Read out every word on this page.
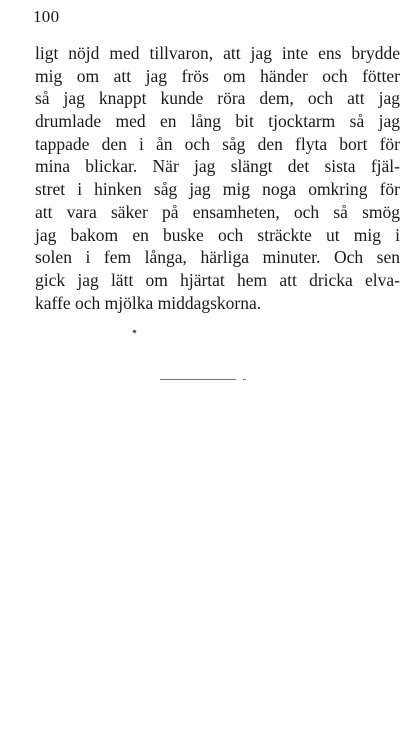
100
ligt nöjd med tillvaron, att jag inte ens brydde
mig om att jag frös om händer och fötter
så jag knappt kunde röra dem, och att jag
drumlade med en lång bit tjocktarm så jag
tappade den i ån och såg den flyta bort för
mina blickar. När jag slängt det sista fjäl-
stret i hinken såg jag mig noga omkring för
att vara säker på ensamheten, och så smög
jag bakom en buske och sträckte ut mig i
solen i fem långa, härliga minuter. Och sen
gick jag lätt om hjärtat hem att dricka elva-
kaffe och mjölka middagskorna.
